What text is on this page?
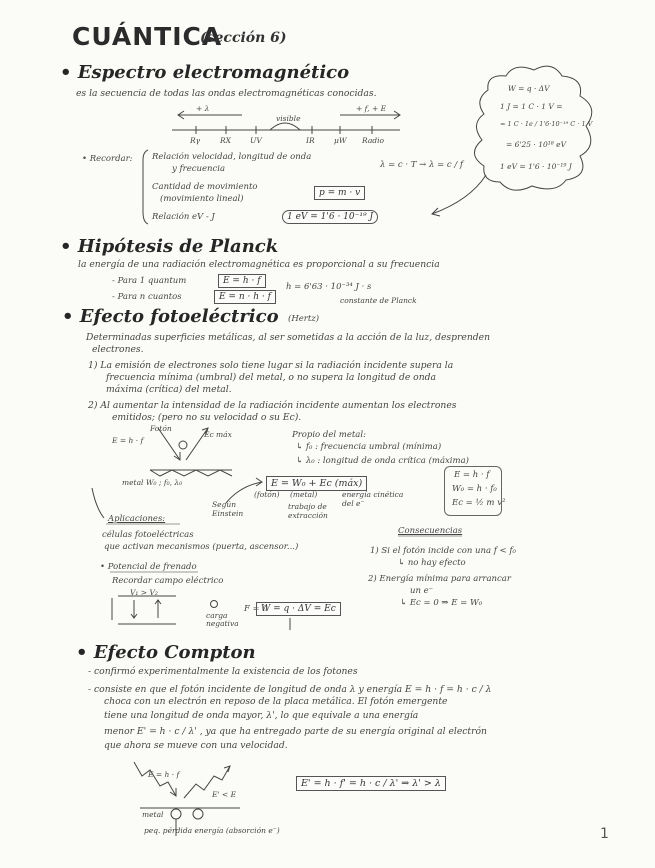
CUÁNTICA
(sección 6)
• Espectro electromagnético
es la secuencia de todas las ondas electromagnéticas conocidas.
+ λ	+ f, + E
visible
Rγ	RX	UV	IR	μW Radio
• Recordar: Relación velocidad, longitud de onda
y frecuencia	λ = c · T → λ = c / f
Cantidad de movimiento
(movimiento lineal)
p = m · v
Relación eV - J	1 eV = 1'6 · 10⁻¹⁹ J
W = q · ΔV
1 J = 1 C · 1 V =
= 1 C · 1e / 1'6·10⁻¹⁹ C · 1 V
= 6'25 · 10¹⁸ eV
1 eV = 1'6 · 10⁻¹⁹ J
• Hipótesis de Planck
la energía de una radiación electromagnética es proporcional a su frecuencia
- Para 1 quantum	E = h · f
- Para n cuantos	E = n · h · f
h = 6'63 · 10⁻³⁴ J · s
constante de Planck
• Efecto fotoeléctrico (Hertz)
Determinadas superficies metálicas, al ser sometidas a la acción de la luz, desprenden
electrones.
1) La emisión de electrones solo tiene lugar si la radiación incidente supera la
frecuencia mínima (umbral) del metal, o no supera la longitud de onda
máxima (crítica) del metal.
2) Al aumentar la intensidad de la radiación incidente aumentan los electrones
emitidos; (pero no su velocidad o su Ec).
Fotón
E = h · f
Ec máx
metal W₀ ; f₀, λ₀
Propio del metal:
↳ f₀ : frecuencia umbral (mínima)
↳ λ₀ : longitud de onda crítica (máxima)
E = W₀ + Ec (máx)
(fotón) (metal)
trabajo de extracción
energía cinética del e⁻
Según Einstein
E = h · f
W₀ = h · f₀
Ec = ½ m v²
Aplicaciones:
células fotoeléctricas
que activan mecanismos (puerta, ascensor...)
• Potencial de frenado
Recordar campo eléctrico
V₁ > V₂
carga negativa
F = 0
W = q · ΔV = Ec
Consecuencias
1) Si el fotón incide con una f < f₀
↳ no hay efecto
2) Energía mínima para arrancar
un e⁻
↳ Ec = 0 ⇒ E = W₀
• Efecto Compton
- confirmó experimentalmente la existencia de los fotones
- consiste en que el fotón incidente de longitud de onda λ y energía E = h · f = h · c / λ
choca con un electrón en reposo de la placa metálica. El fotón emergente
tiene una longitud de onda mayor, λ', lo que equivale a una energía
menor E' = h · c / λ' , ya que ha entregado parte de su energía original al electrón
que ahora se mueve con una velocidad.
E = h · f
E' < E
metal
peq. pérdida energía (absorción e⁻)
E' = h · f' = h · c / λ' ⇒ λ' > λ
1
